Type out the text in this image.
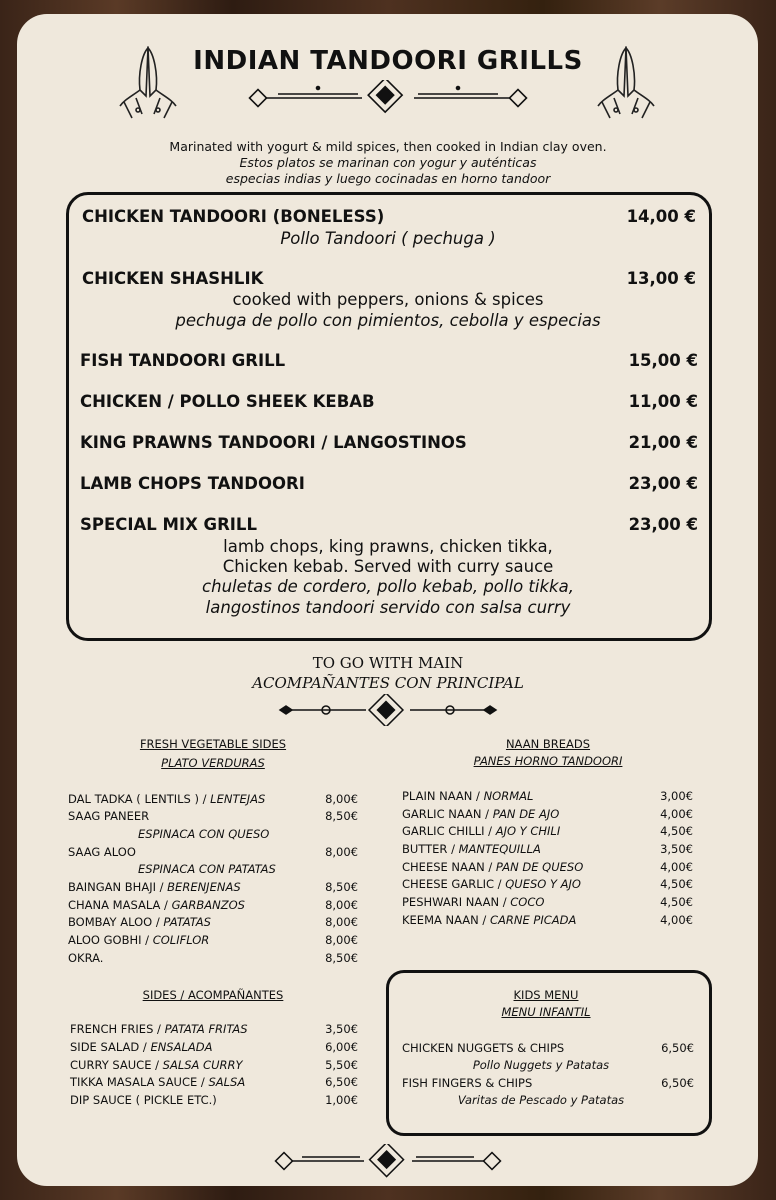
INDIAN TANDOORI GRILLS
Marinated with yogurt & mild spices, then cooked in Indian clay oven.
Estos platos se marinan con yogur y auténticas
especias indias y luego cocinadas en horno tandoor
CHICKEN TANDOORI (BONELESS)	14,00 €
Pollo Tandoori ( pechuga )
CHICKEN SHASHLIK	13,00 €
cooked with peppers, onions & spices
pechuga de pollo con pimientos, cebolla y especias
FISH TANDOORI GRILL	15,00 €
CHICKEN / POLLO SHEEK KEBAB	11,00 €
KING PRAWNS TANDOORI / LANGOSTINOS	21,00 €
LAMB CHOPS TANDOORI	23,00 €
SPECIAL MIX GRILL	23,00 €
lamb chops, king prawns, chicken tikka,
Chicken kebab. Served with curry sauce
chuletas de cordero, pollo kebab, pollo tikka,
langostinos tandoori servido con salsa curry
TO GO WITH MAIN
ACOMPAÑANTES CON PRINCIPAL
FRESH VEGETABLE SIDES
PLATO VERDURAS
DAL TADKA ( LENTILS ) / LENTEJAS	8,00€
SAAG PANEER	8,50€
ESPINACA CON QUESO
SAAG ALOO	8,00€
ESPINACA CON PATATAS
BAINGAN BHAJI / BERENJENAS	8,50€
CHANA MASALA / GARBANZOS	8,00€
BOMBAY ALOO / PATATAS	8,00€
ALOO GOBHI / COLIFLOR	8,00€
OKRA.	8,50€
NAAN BREADS
PANES HORNO TANDOORI
PLAIN NAAN / NORMAL	3,00€
GARLIC NAAN / PAN DE AJO	4,00€
GARLIC CHILLI / AJO Y CHILI	4,50€
BUTTER / MANTEQUILLA	3,50€
CHEESE NAAN / PAN DE QUESO	4,00€
CHEESE GARLIC / QUESO Y AJO	4,50€
PESHWARI NAAN / COCO	4,50€
KEEMA NAAN / CARNE PICADA	4,00€
SIDES / ACOMPAÑANTES
FRENCH FRIES / PATATA FRITAS	3,50€
SIDE SALAD / ENSALADA	6,00€
CURRY SAUCE / SALSA CURRY	5,50€
TIKKA MASALA SAUCE / SALSA	6,50€
DIP SAUCE ( PICKLE ETC.)	1,00€
KIDS MENU
MENU INFANTIL
CHICKEN NUGGETS & CHIPS	6,50€
Pollo Nuggets y Patatas
FISH FINGERS & CHIPS	6,50€
Varitas de Pescado y Patatas
